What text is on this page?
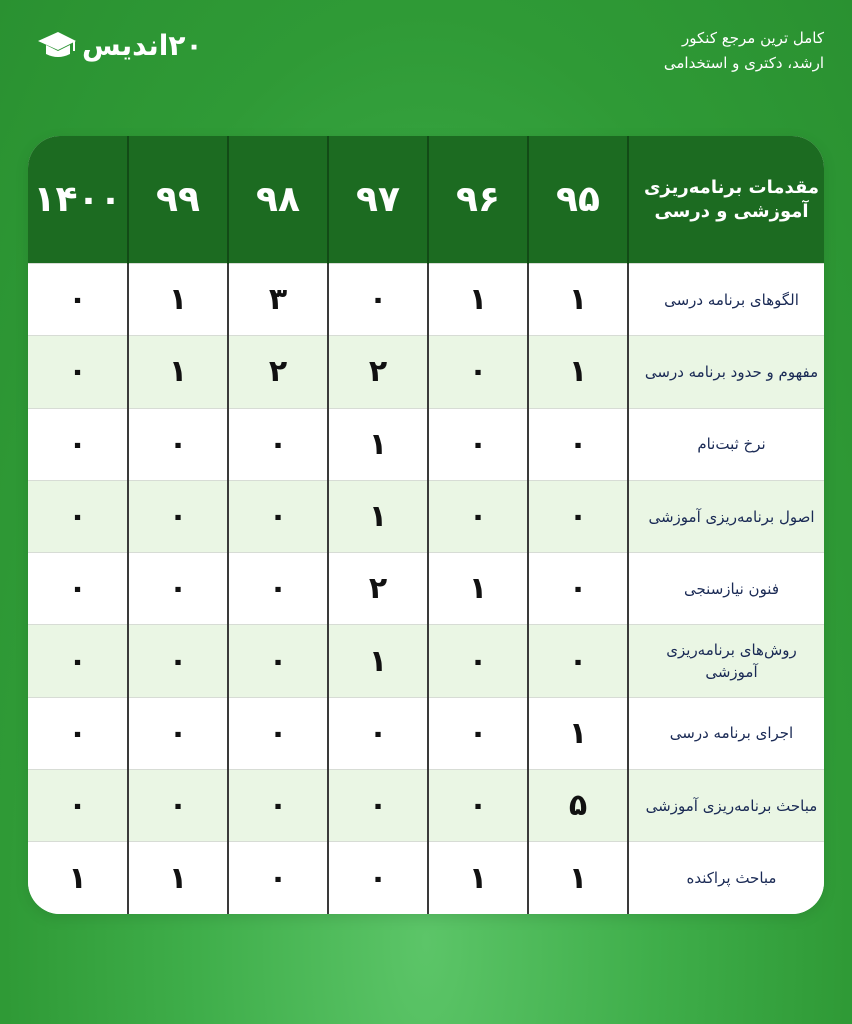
۲۰اندیس	کامل ترین مرجع کنکور
ارشد، دکتری و استخدامی
مقدمات برنامه‌ریزی آموزشی و درسی	۹۵	۹۶	۹۷	۹۸	۹۹	۱۴۰۰
الگوهای برنامه درسی	۱	۱	۰	۳	۱	۰
مفهوم و حدود برنامه درسی	۱	۰	۲	۲	۱	۰
نرخ ثبت‌نام	۰	۰	۱	۰	۰	۰
اصول برنامه‌ریزی آموزشی	۰	۰	۱	۰	۰	۰
فنون نیازسنجی	۰	۱	۲	۰	۰	۰
روش‌های برنامه‌ریزی آموزشی	۰	۰	۱	۰	۰	۰
اجرای برنامه درسی	۱	۰	۰	۰	۰	۰
مباحث برنامه‌ریزی آموزشی	۵	۰	۰	۰	۰	۰
مباحث پراکنده	۱	۱	۰	۰	۱	۱
